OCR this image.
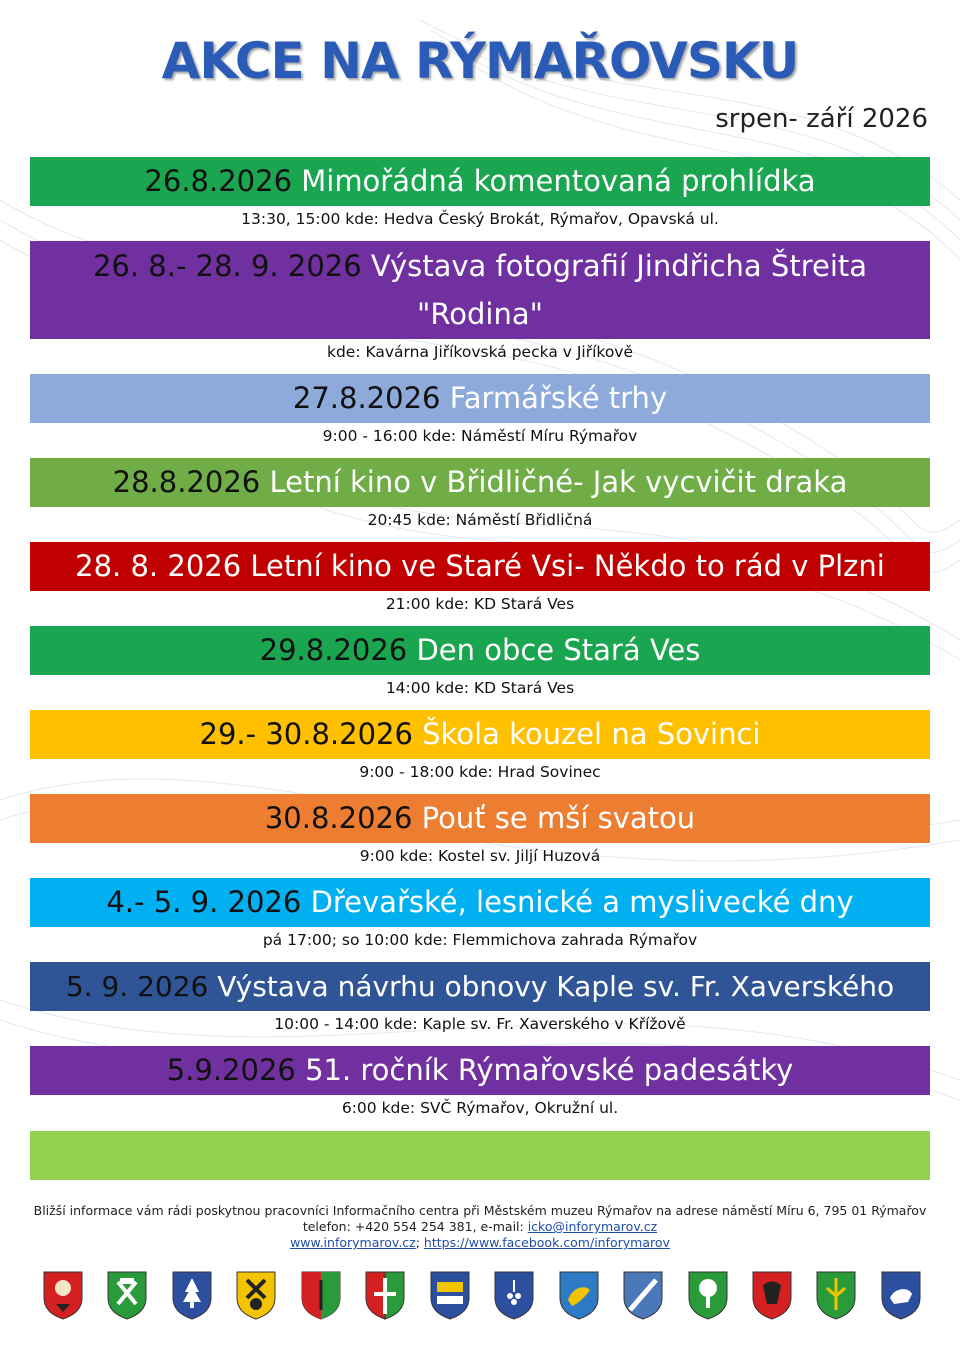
AKCE NA RÝMAŘOVSKU
srpen- září 2026
26.8.2026 Mimořádná komentovaná prohlídka
13:30, 15:00 kde: Hedva Český Brokát, Rýmařov, Opavská ul.
26. 8.- 28. 9. 2026 Výstava fotografií Jindřicha Štreita
"Rodina"
kde: Kavárna Jiříkovská pecka v Jiříkově
27.8.2026 Farmářské trhy
9:00 - 16:00 kde: Náměstí Míru Rýmařov
28.8.2026 Letní kino v Břidličné- Jak vycvičit draka
20:45 kde: Náměstí Břidličná
28. 8. 2026 Letní kino ve Staré Vsi- Někdo to rád v Plzni
21:00 kde: KD Stará Ves
29.8.2026 Den obce Stará Ves
14:00 kde: KD Stará Ves
29.- 30.8.2026 Škola kouzel na Sovinci
9:00 - 18:00 kde: Hrad Sovinec
30.8.2026 Pouť se mší svatou
9:00 kde: Kostel sv. Jiljí Huzová
4.- 5. 9. 2026 Dřevařské, lesnické a myslivecké dny
pá 17:00; so 10:00 kde: Flemmichova zahrada Rýmařov
5. 9. 2026 Výstava návrhu obnovy Kaple sv. Fr. Xaverského
10:00 - 14:00 kde: Kaple sv. Fr. Xaverského v Křížově
5.9.2026 51. ročník Rýmařovské padesátky
6:00 kde: SVČ Rýmařov, Okružní ul.
Bližší informace vám rádi poskytnou pracovníci Informačního centra při Městském muzeu Rýmařov na adrese náměstí Míru 6, 795 01 Rýmařov
telefon: +420 554 254 381, e-mail: icko@inforymarov.cz
www.inforymarov.cz; https://www.facebook.com/inforymarov
